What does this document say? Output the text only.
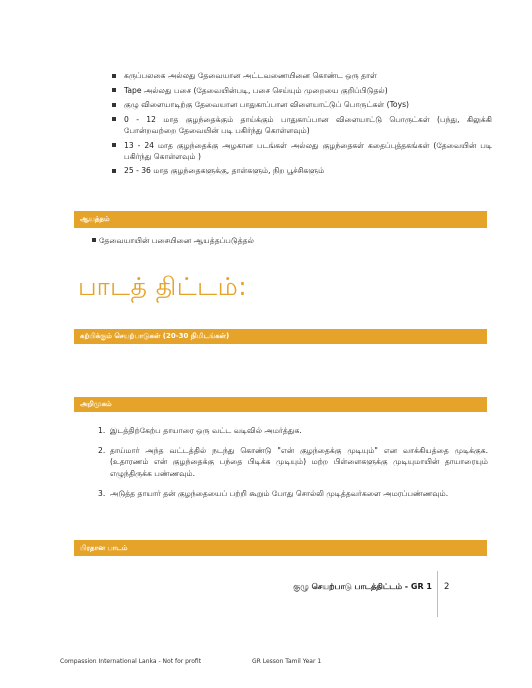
கருப்பலகை அல்லது தேவையான அட்டவணையினை கொண்ட ஒரு தாள்
Tape அல்லது பசை (தேவையின்படி, பசை செய்யும் முறையை குறிப்பிடுதல்)
குழு விளையாடிற்கு தேவையான பாதுகாப்பான விளையாட்டுப் பொருட்கள் (Toys)
0 - 12 மாத குழந்தைக்கும் தாய்க்கும் பாதுகாப்பான விளையாட்டு பொருட்கள் (பந்து, கிலுக்கி போன்றவற்றை தேவையின் படி பகிர்ந்து கொள்ளவும்)
13 - 24 மாத குழந்தைக்கு அழகான படங்கள் அல்லது குழந்தைகள் கதைப்புத்தகங்கள் (தேவையின் படி பகிர்ந்து கொள்ளவும் )
25 - 36 மாத குழந்தைகளுக்கு, தாள்களும், நிற பூச்சிகளும்
ஆயத்தம்
தேவையாயின் பசையினை ஆயத்தப்படுத்தல்
பாடத் திட்டம்:
கற்பிக்கும் செயற்பாடுகள் (20-30 நிமிடங்கள்)
அறிமுகம்
1. இடத்திற்கேற்ப தாயாரை ஒரு வட்ட வடிவில் அமர்த்துக.
2. தாய்மார் அந்த வட்டத்தில் நடந்து கொண்டு "என் குழந்தைக்கு முடியும்" என வாக்கியத்தை முடிக்குக. (உதாரணம் என் குழந்தைக்கு பந்தை பிடிக்க முடியும்) மற்ற பிள்ளைகளுக்கு முடியுமாயின் தாயாரையும் எழுந்திருக்க பண்ணவும்.
3. அடுத்த தாயார் தன் குழந்தையைப் பற்றி கூறும் போது சொல்லி முடித்தவர்களை அமரப்பண்ணவும்.
பிரதான பாடம்
குழு செயற்பாடு பாடத்திட்டம் - GR 1 2
Compassion International Lanka - Not for profit	GR Lesson Tamil Year 1
